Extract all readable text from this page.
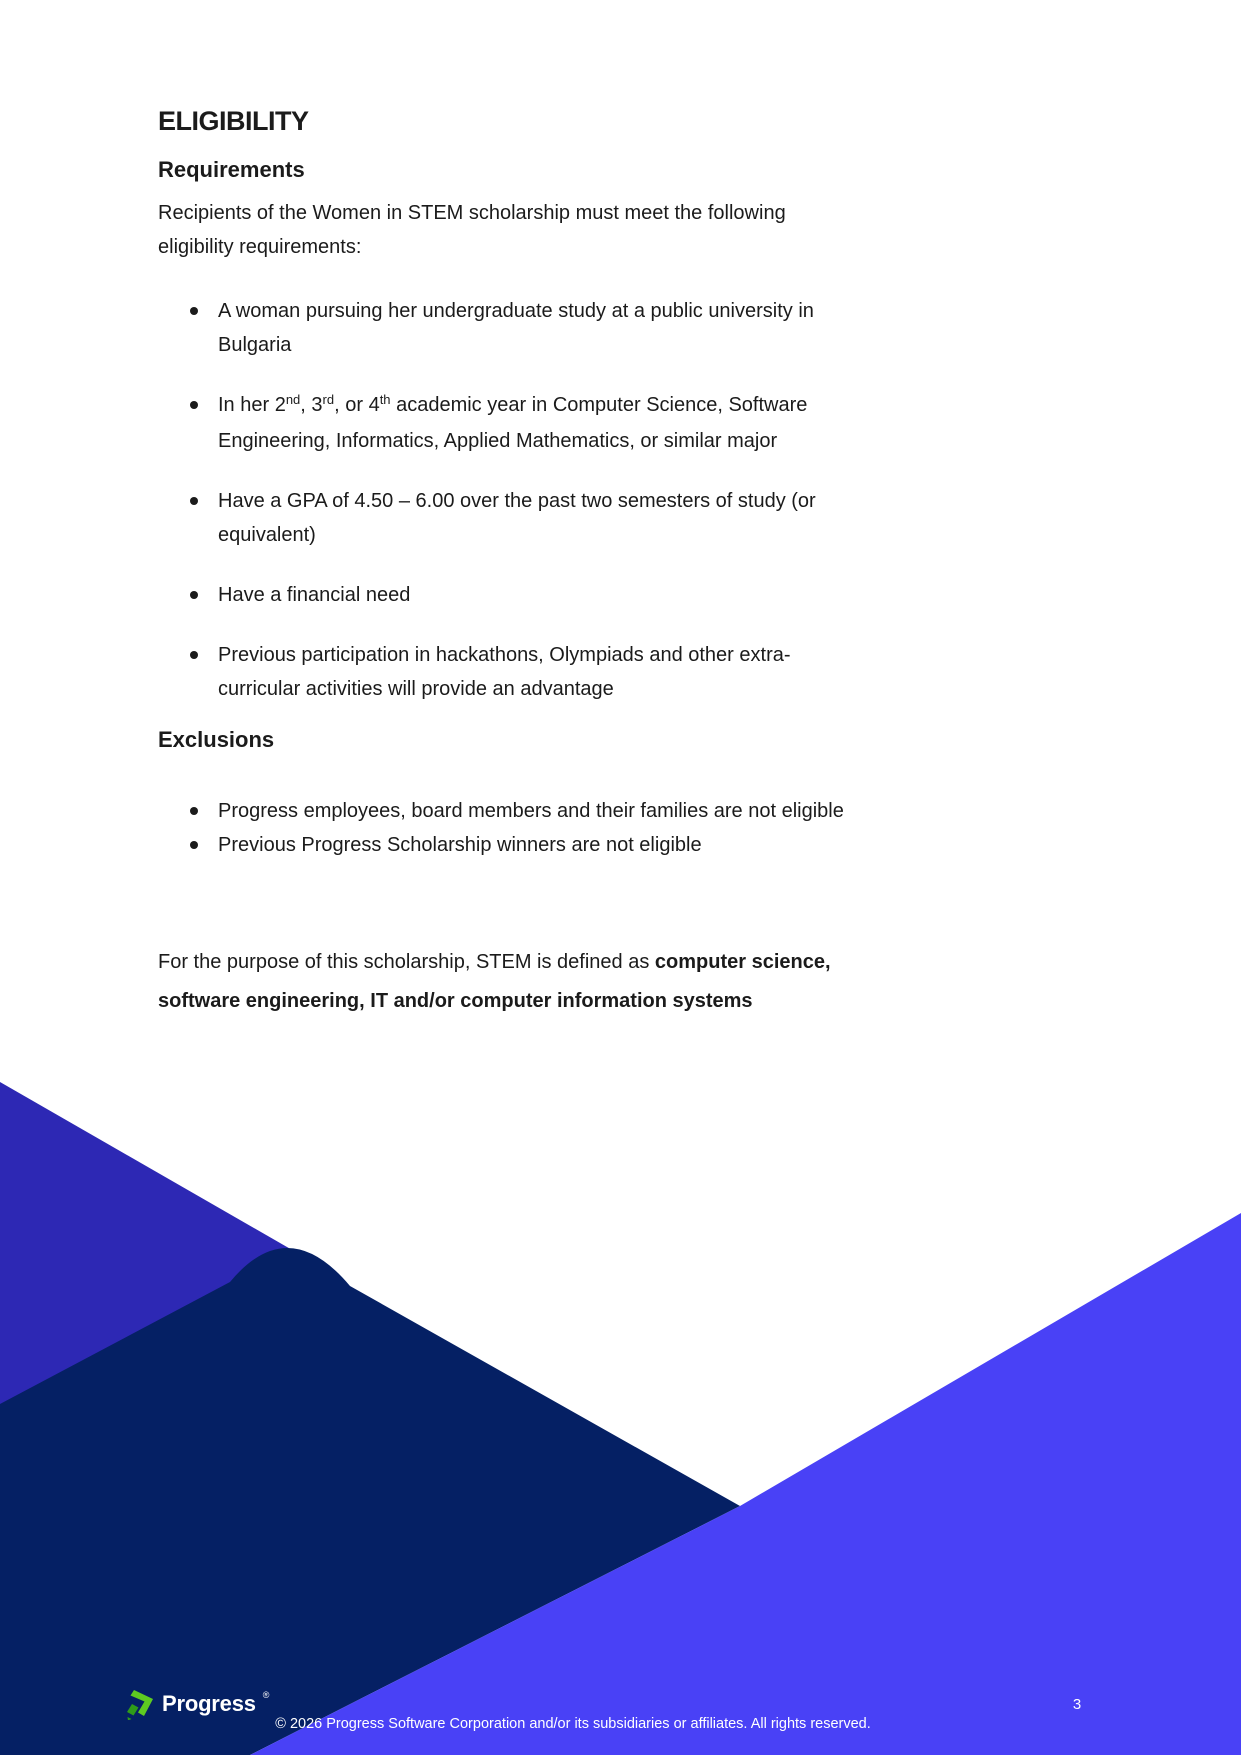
ELIGIBILITY
Requirements
Recipients of the Women in STEM scholarship must meet the following
eligibility requirements:
A woman pursuing her undergraduate study at a public university in
Bulgaria
In her 2nd, 3rd, or 4th academic year in Computer Science, Software
Engineering, Informatics, Applied Mathematics, or similar major
Have a GPA of 4.50 – 6.00 over the past two semesters of study (or
equivalent)
Have a financial need
Previous participation in hackathons, Olympiads and other extra-
curricular activities will provide an advantage
Exclusions
Progress employees, board members and their families are not eligible
Previous Progress Scholarship winners are not eligible
For the purpose of this scholarship, STEM is defined as computer science,
software engineering, IT and/or computer information systems
Progress ®
© 2026 Progress Software Corporation and/or its subsidiaries or affiliates. All rights reserved.
3
